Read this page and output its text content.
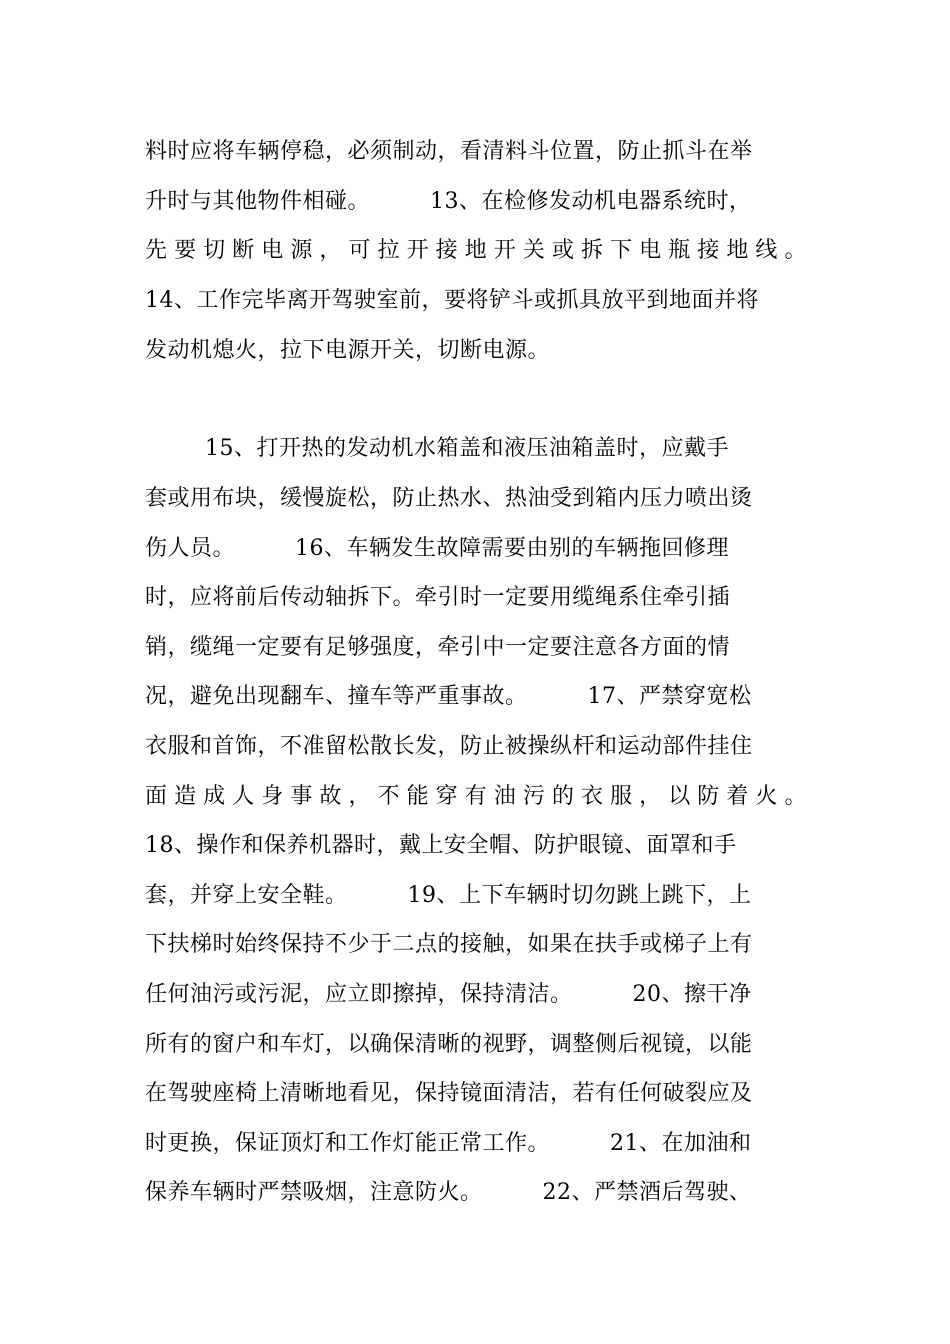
料时应将车辆停稳，必须制动，看清料斗位置，防止抓斗在举
升时与其他物件相碰。        13、在检修发动机电器系统时，
先要切断电源，可拉开接地开关或拆下电瓶接地线。
14、工作完毕离开驾驶室前，要将铲斗或抓具放平到地面并将
发动机熄火，拉下电源开关，切断电源。
15、打开热的发动机水箱盖和液压油箱盖时，应戴手
套或用布块，缓慢旋松，防止热水、热油受到箱内压力喷出烫
伤人员。        16、车辆发生故障需要由别的车辆拖回修理
时，应将前后传动轴拆下。牵引时一定要用缆绳系住牵引插
销，缆绳一定要有足够强度，牵引中一定要注意各方面的情
况，避免出现翻车、撞车等严重事故。        17、严禁穿宽松
衣服和首饰，不准留松散长发，防止被操纵杆和运动部件挂住
面造成人身事故，不能穿有油污的衣服，以防着火。
18、操作和保养机器时，戴上安全帽、防护眼镜、面罩和手
套，并穿上安全鞋。        19、上下车辆时切勿跳上跳下，上
下扶梯时始终保持不少于二点的接触，如果在扶手或梯子上有
任何油污或污泥，应立即擦掉，保持清洁。        20、擦干净
所有的窗户和车灯，以确保清晰的视野，调整侧后视镜，以能
在驾驶座椅上清晰地看见，保持镜面清洁，若有任何破裂应及
时更换，保证顶灯和工作灯能正常工作。        21、在加油和
保养车辆时严禁吸烟，注意防火。        22、严禁酒后驾驶、
